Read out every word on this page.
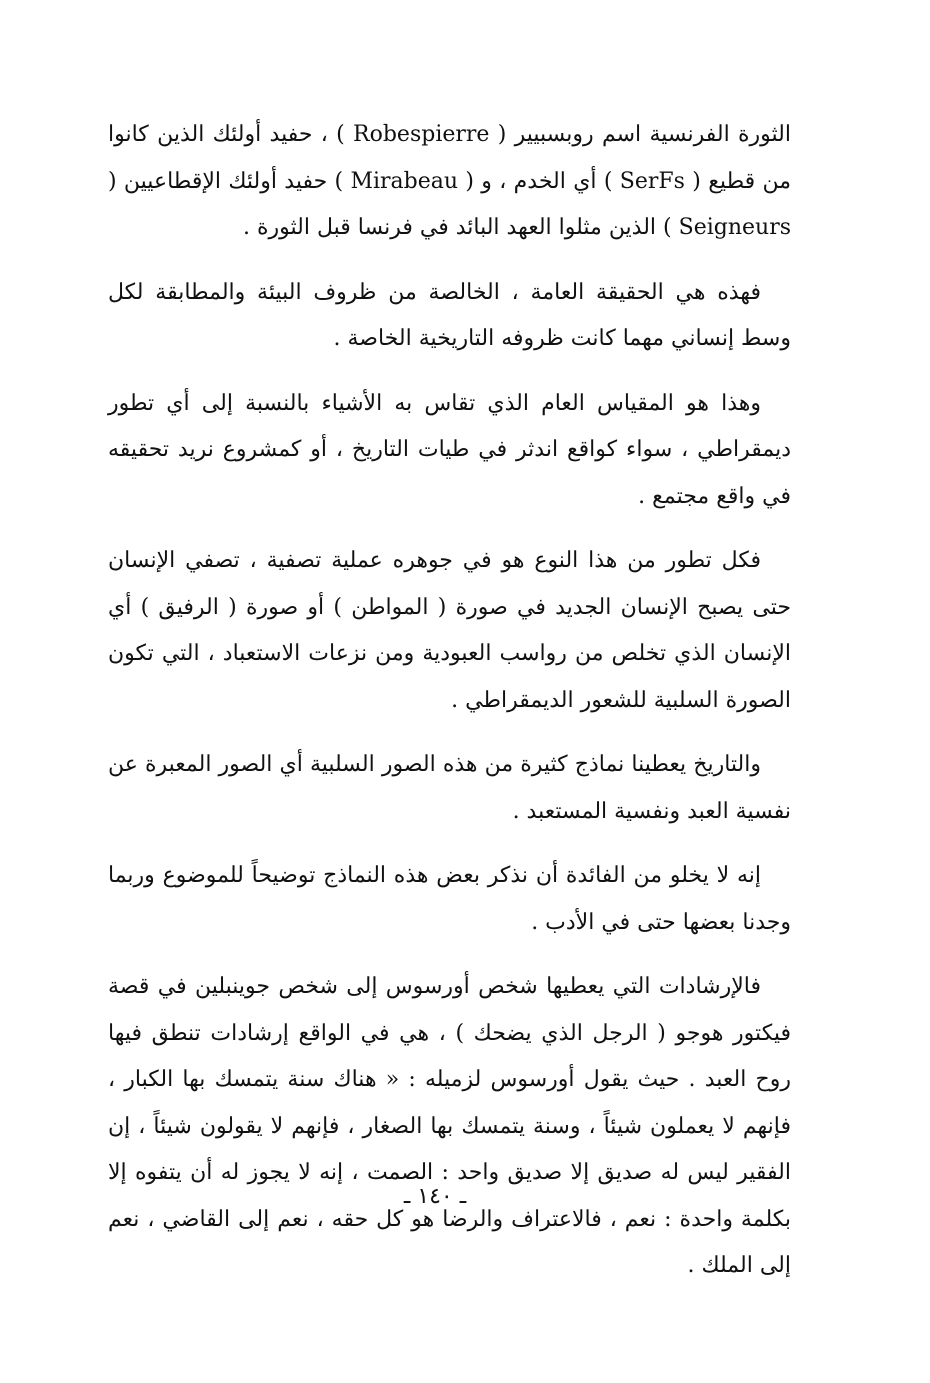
الثورة الفرنسية اسم روبسبيير ( Robespierre ) ، حفيد أولئك الذين كانوا من قطيع ( SerFs ) أي الخدم ، و ( Mirabeau ) حفيد أولئك الإقطاعيين ( Seigneurs ) الذين مثلوا العهد البائد في فرنسا قبل الثورة .

فهذه هي الحقيقة العامة ، الخالصة من ظروف البيئة والمطابقة لكل وسط إنساني مهما كانت ظروفه التاريخية الخاصة .

وهذا هو المقياس العام الذي تقاس به الأشياء بالنسبة إلى أي تطور ديمقراطي ، سواء كواقع اندثر في طيات التاريخ ، أو كمشروع نريد تحقيقه في واقع مجتمع .

فكل تطور من هذا النوع هو في جوهره عملية تصفية ، تصفي الإنسان حتى يصبح الإنسان الجديد في صورة ( المواطن ) أو صورة ( الرفيق ) أي الإنسان الذي تخلص من رواسب العبودية ومن نزعات الاستعباد ، التي تكون الصورة السلبية للشعور الديمقراطي .

والتاريخ يعطينا نماذج كثيرة من هذه الصور السلبية أي الصور المعبرة عن نفسية العبد ونفسية المستعبد .

إنه لا يخلو من الفائدة أن نذكر بعض هذه النماذج توضيحاً للموضوع وربما وجدنا بعضها حتى في الأدب .

فالإرشادات التي يعطيها شخص أورسوس إلى شخص جوينبلين في قصة فيكتور هوجو ( الرجل الذي يضحك ) ، هي في الواقع إرشادات تنطق فيها روح العبد . حيث يقول أورسوس لزميله : « هناك سنة يتمسك بها الكبار ، فإنهم لا يعملون شيئاً ، وسنة يتمسك بها الصغار ، فإنهم لا يقولون شيئاً ، إن الفقير ليس له صديق إلا صديق واحد : الصمت ، إنه لا يجوز له أن يتفوه إلا بكلمة واحدة : نعم ، فالاعتراف والرضا هو كل حقه ، نعم إلى القاضي ، نعم إلى الملك .

ـ ١٤٠ ـ
